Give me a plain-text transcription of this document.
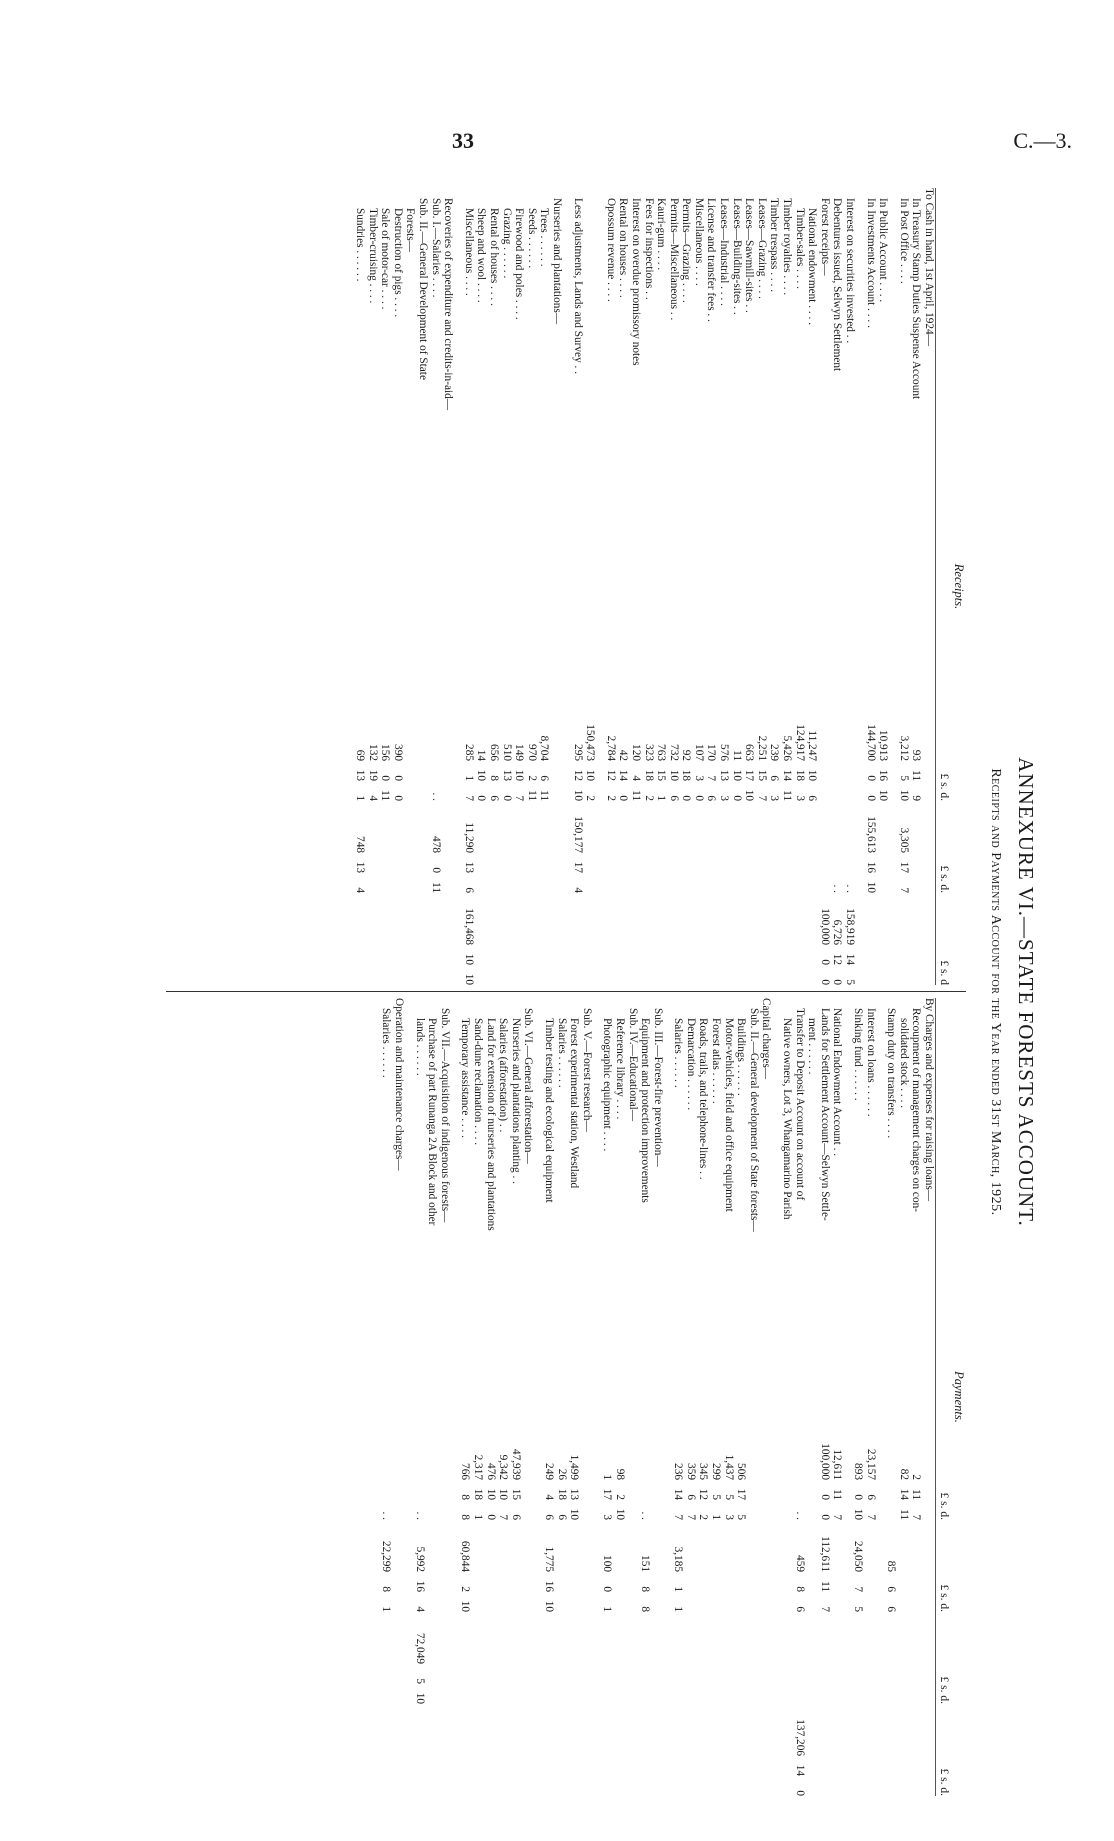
33	C.—3.
ANNEXURE VI.—STATE FORESTS ACCOUNT.
Receipts and Payments Account for the Year ended 31st March, 1925.
Receipts.
£ s. d.
£ s. d.
£ s. d
To Cash in hand, 1st April, 1924—
In Treasury Stamp Duties Suspense Account
93
11
9
In Post Office . . . .
3,212
5
10
3,305
17
7
In Public Account . . . .
10,913
16
10
In Investments Account . . . .
144,700
0
0
155,613
16
10
Interest on securities invested . .
. .
158,919
14
5
Debentures issued, Selwyn Settlement
. .
6,726
12
0
Forest receipts—
100,000
0
0
National endowment . . . .
11,247
10
6
Timber-sales . . . .
124,917
18
3
Timber royalties . . . .
5,426
14
11
Timber trespass . . . .
239
6
3
Leases—Grazing . . . .
2,251
15
7
Leases—Sawmill-sites . .
663
17
10
Leases—Building-sites . .
11
10
0
Leases—Industrial . . . .
576
13
3
License and transfer fees . .
170
7
6
Miscellaneous . . . .
107
3
0
Permits—Grazing . . . .
92
18
0
Permits—Miscellaneous . .
732
10
6
Kauri-gum . . . .
763
15
1
Fees for inspections . .
323
18
2
Interest on overdue promissory notes
120
4
11
Rental on houses . . . .
42
14
0
Opossum revenue . . . .
2,784
12
2
150,473
10
2
Less adjustments, Lands and Survey . .
295
12
10
150,177
17
4
Nurseries and plantations—
Trees . . . . . .
8,704
6
11
Seeds . . . . . .
970
2
11
Firewood and poles . . . .
149
10
7
Grazing . . . . . .
510
13
0
Rental of houses . . . .
656
8
6
Sheep and wool . . . .
14
10
0
Miscellaneous . . . .
285
1
7
11,290
13
6
161,468
10
10
Recoveries of expenditure and credits-in-aid—
Sub. I.—Salaries . . . .
. .
478
0
11
Sub. II.—General Development of State
Forests—
Destruction of pigs . . . .
390
0
0
Sale of motor-car . . . .
156
0
11
Timber-cruising . . . .
132
19
4
Sundries . . . . . .
69
13
1
748
13
4
Payments.
£ s. d.
£ s. d.
£ s. d.
£ s. d.
By Charges and expenses for raising loans—
Recoupment of management charges on con-
2
11
7
solidated stock . . . .
82
14
11
Stamp duty on transfers . . . .
85
6
6
Interest on loans . . . . . .
23,157
6
7
Sinking fund . . . . . .
893
0
10
24,050
7
5
National Endowment Account . .
12,611
11
7
Lands for Settlement Account—Selwyn Settle-
100,000
0
0
112,611
11
7
ment . . . . . .
Transfer to Deposit Account on account of
. .
459
8
6
137,206
14
0
Native owners, Lot 3, Whangamarino Parish
Capital charges—
Sub. II.—General development of State forests—
Buildings . . . . . .
506
17
5
Motor-vehicles, field and office equipment
1,437
5
3
Forest atlas . . . . . .
299
5
1
Roads, trails, and telephone-lines . .
345
12
2
Demarcation . . . . . .
359
6
7
Salaries . . . . . .
236
14
7
3,185
1
1
Sub. III.—Forest-fire prevention—
Equipment and protection improvements
. .
151
8
8
Sub. IV.—Educational—
Reference library . . . .
98
2
10
Photographic equipment . . . .
1
17
3
100
0
1
Sub. V.—Forest research—
Forest experimental station, Westland
1,499
13
10
Salaries . . . . . .
26
18
6
Timber testing and ecological equipment
249
4
6
1,775
16
10
Sub. VI.—General afforestation—
Nurseries and plantations planting . .
47,939
15
6
Salaries (afforestation) . .
9,342
10
7
Land for extension of nurseries and plantations
476
10
0
Sand-dune reclamation . . . .
2,317
18
1
Temporary assistance . . . .
766
8
8
60,844
2
10
Sub. VII.—Acquisition of indigenous forests—
Purchase of part Runanga 2A Block and other
lands . . . . . .
. .
5,992
16
4
72,049
5
10
Operation and maintenance charges—
Salaries . . . . . .
. .
22,299
8
1
